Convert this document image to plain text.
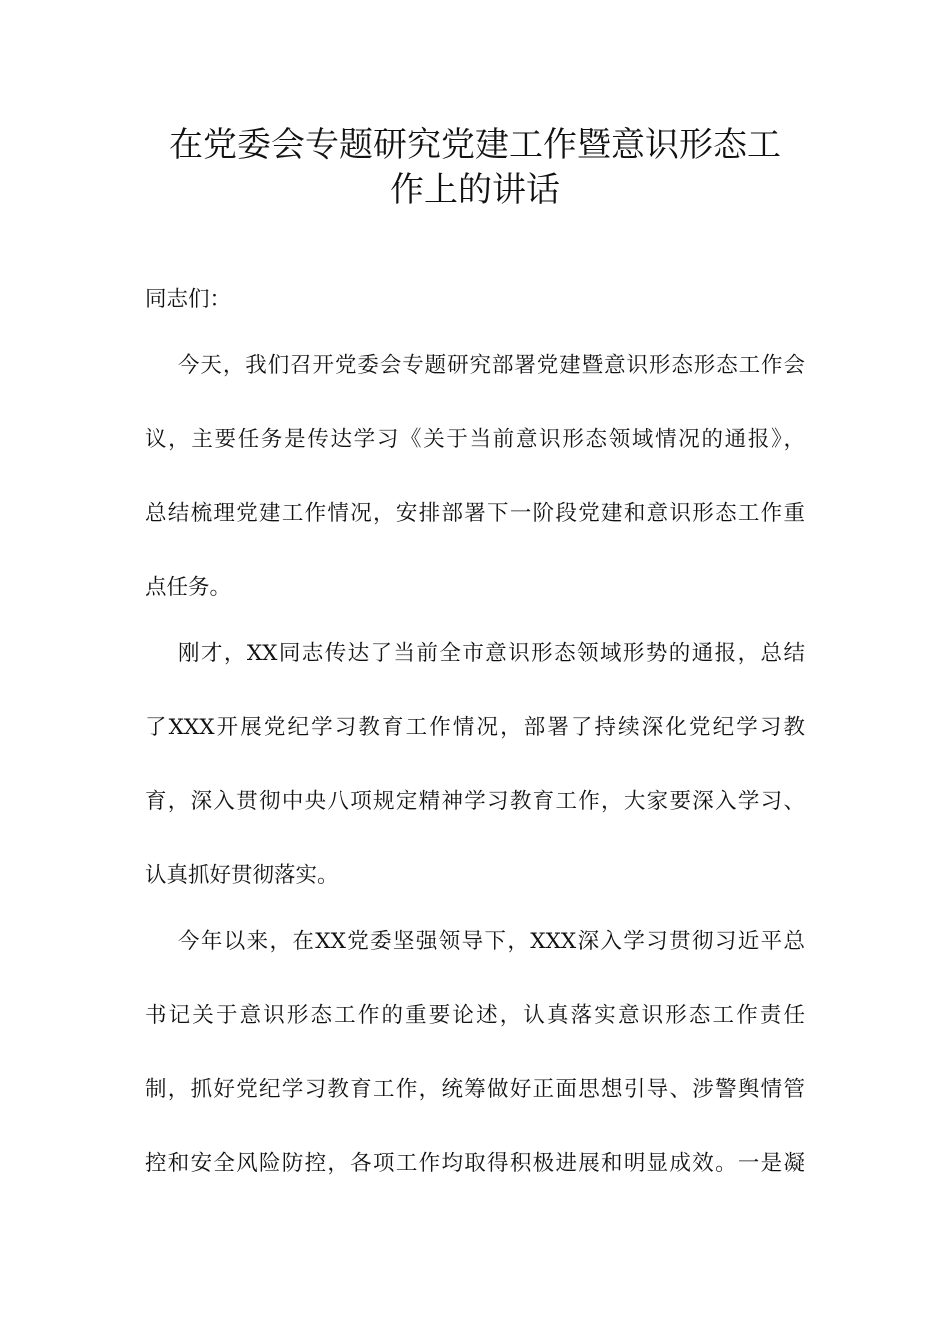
在党委会专题研究党建工作暨意识形态工
作上的讲话
同志们：
今天，我们召开党委会专题研究部署党建暨意识形态形态工作会
议，主要任务是传达学习《关于当前意识形态领域情况的通报》，
总结梳理党建工作情况，安排部署下一阶段党建和意识形态工作重
点任务。
刚才，XX同志传达了当前全市意识形态领域形势的通报，总结
了XXX开展党纪学习教育工作情况，部署了持续深化党纪学习教
育，深入贯彻中央八项规定精神学习教育工作，大家要深入学习、
认真抓好贯彻落实。
今年以来，在XX党委坚强领导下，XXX深入学习贯彻习近平总
书记关于意识形态工作的重要论述，认真落实意识形态工作责任
制，抓好党纪学习教育工作，统筹做好正面思想引导、涉警舆情管
控和安全风险防控，各项工作均取得积极进展和明显成效。一是凝
